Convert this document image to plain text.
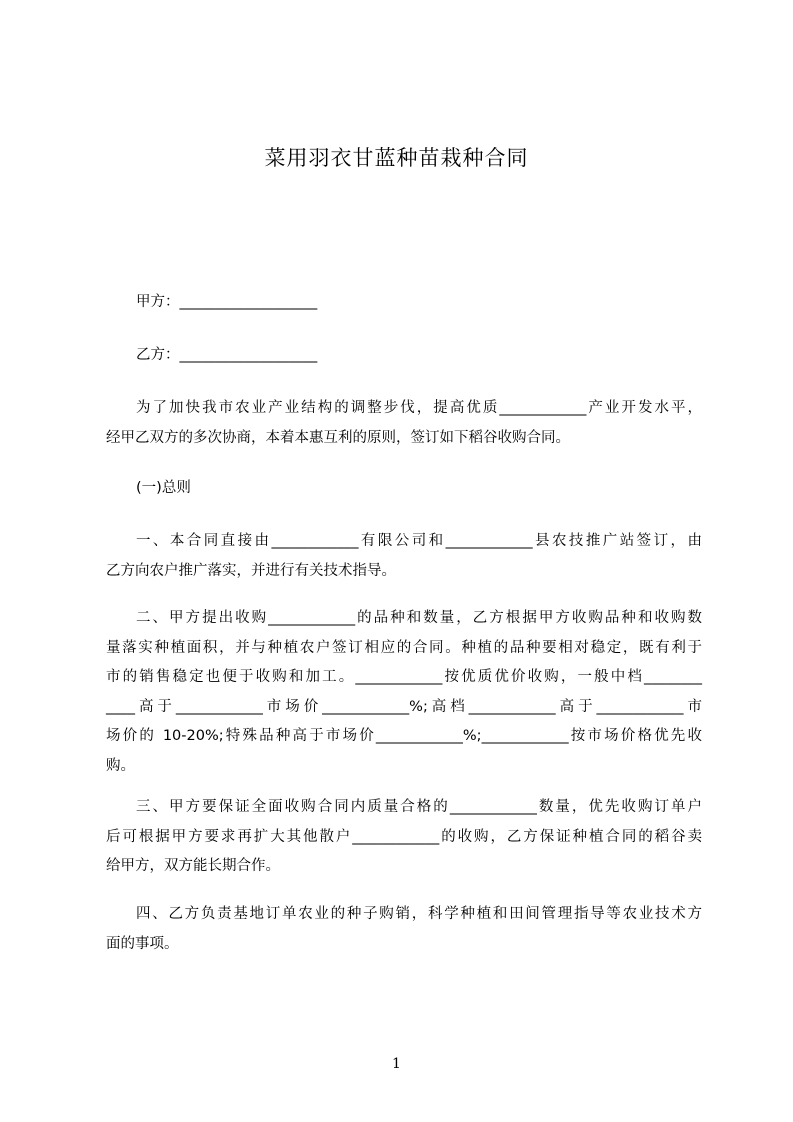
菜用羽衣甘蓝种苗栽种合同
甲方：___________________
乙方：___________________
为了加快我市农业产业结构的调整步伐，提高优质____________产业开发水平，
经甲乙双方的多次协商，本着本惠互利的原则，签订如下稻谷收购合同。
(一)总则
一、本合同直接由____________有限公司和____________县农技推广站签订，由
乙方向农户推广落实，并进行有关技术指导。
二、甲方提出收购____________的品种和数量，乙方根据甲方收购品种和收购数
量落实种植面积，并与种植农户签订相应的合同。种植的品种要相对稳定，既有利于
市的销售稳定也便于收购和加工。____________按优质优价收购，一般中档________
____高于____________市场价____________%;高档____________高于____________市
场价的 10-20%;特殊品种高于市场价____________%;____________按市场价格优先收
购。
三、甲方要保证全面收购合同内质量合格的____________数量，优先收购订单户
后可根据甲方要求再扩大其他散户____________的收购，乙方保证种植合同的稻谷卖
给甲方，双方能长期合作。
四、乙方负责基地订单农业的种子购销，科学种植和田间管理指导等农业技术方
面的事项。
1
